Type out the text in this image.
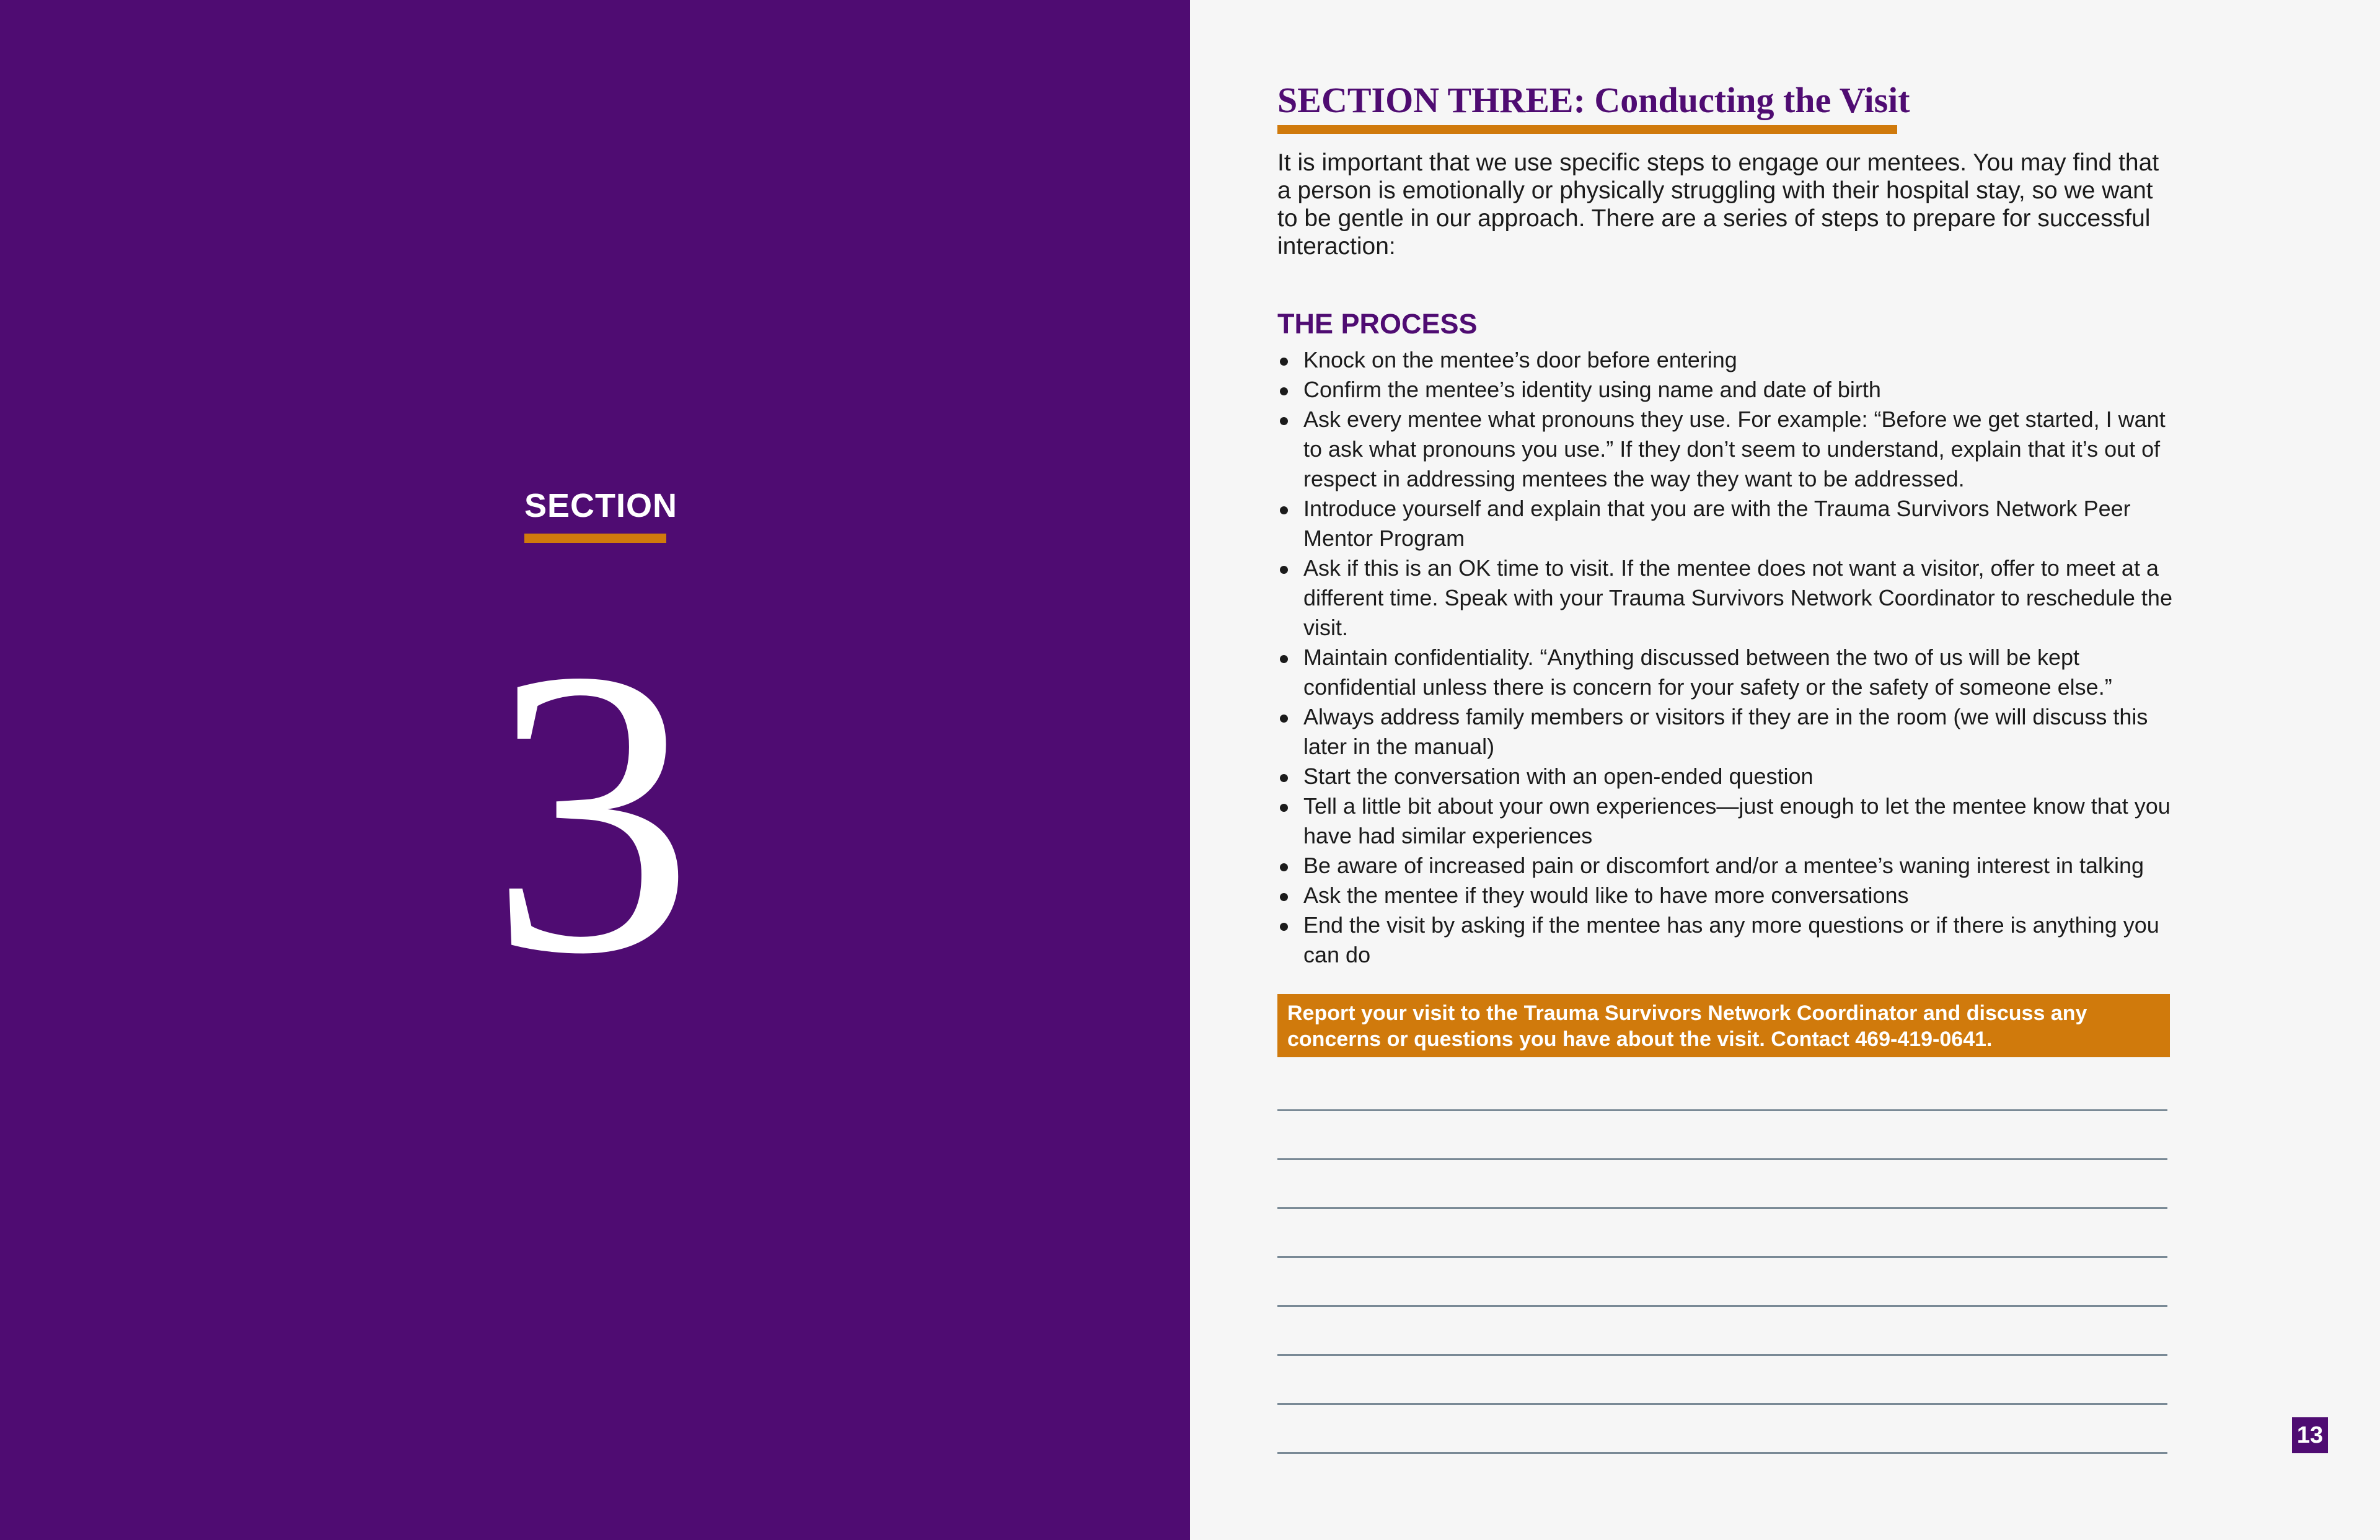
SECTION
3
SECTION THREE: Conducting the Visit

It is important that we use specific steps to engage our mentees. You may find that a person is emotionally or physically struggling with their hospital stay, so we want to be gentle in our approach. There are a series of steps to prepare for successful interaction:

THE PROCESS
Knock on the mentee’s door before entering
Confirm the mentee’s identity using name and date of birth
Ask every mentee what pronouns they use. For example: “Before we get started, I want to ask what pronouns you use.” If they don’t seem to understand, explain that it’s out of respect in addressing mentees the way they want to be addressed.
Introduce yourself and explain that you are with the Trauma Survivors Network Peer Mentor Program
Ask if this is an OK time to visit. If the mentee does not want a visitor, offer to meet at a different time. Speak with your Trauma Survivors Network Coordinator to reschedule the visit.
Maintain confidentiality. “Anything discussed between the two of us will be kept confidential unless there is concern for your safety or the safety of someone else.”
Always address family members or visitors if they are in the room (we will discuss this later in the manual)
Start the conversation with an open-ended question
Tell a little bit about your own experiences—just enough to let the mentee know that you have had similar experiences
Be aware of increased pain or discomfort and/or a mentee’s waning interest in talking
Ask the mentee if they would like to have more conversations
End the visit by asking if the mentee has any more questions or if there is anything you can do
Report your visit to the Trauma Survivors Network Coordinator and discuss any concerns or questions you have about the visit. Contact 469-419-0641.
13
